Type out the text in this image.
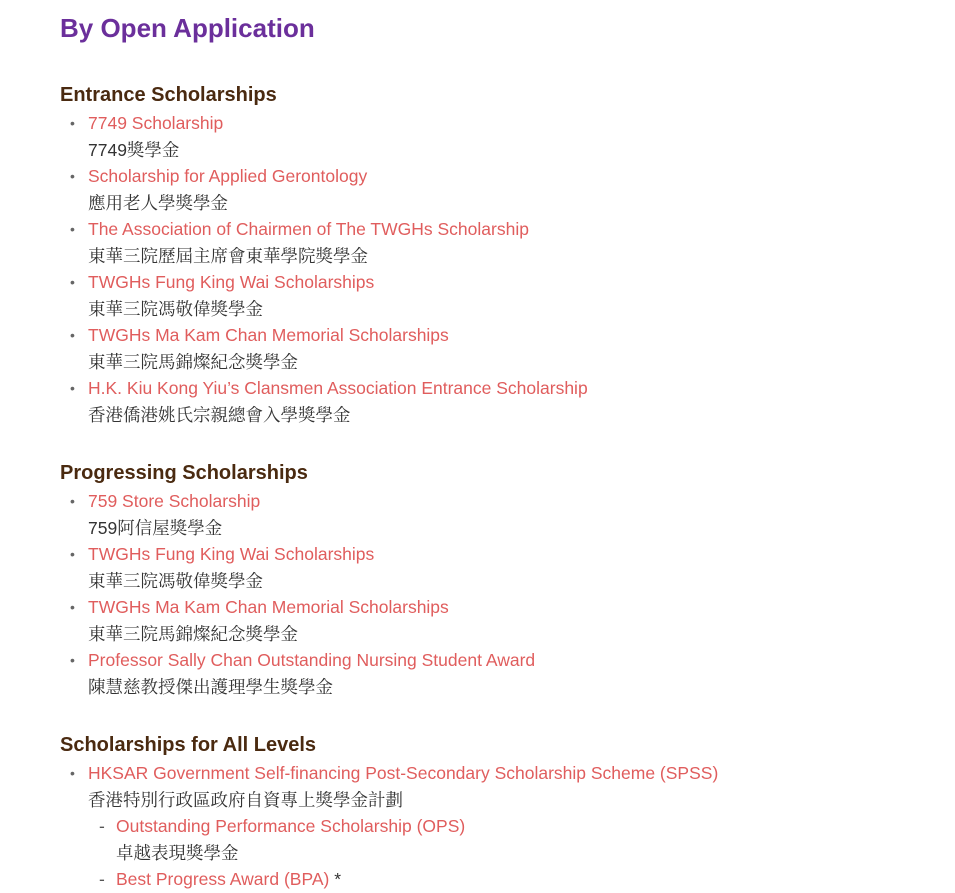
By Open Application
Entrance Scholarships
• 7749 Scholarship
7749獎學金
• Scholarship for Applied Gerontology
應用老人學獎學金
• The Association of Chairmen of The TWGHs Scholarship
東華三院歷屆主席會東華學院獎學金
• TWGHs Fung King Wai Scholarships
東華三院馮敬偉獎學金
• TWGHs Ma Kam Chan Memorial Scholarships
東華三院馬錦燦紀念獎學金
• H.K. Kiu Kong Yiu’s Clansmen Association Entrance Scholarship
香港僑港姚氏宗親總會入學獎學金
Progressing Scholarships
• 759 Store Scholarship
759阿信屋獎學金
• TWGHs Fung King Wai Scholarships
東華三院馮敬偉獎學金
• TWGHs Ma Kam Chan Memorial Scholarships
東華三院馬錦燦紀念獎學金
• Professor Sally Chan Outstanding Nursing Student Award
陳慧慈教授傑出護理學生獎學金
Scholarships for All Levels
• HKSAR Government Self-financing Post-Secondary Scholarship Scheme (SPSS)
香港特別行政區政府自資專上獎學金計劃
- Outstanding Performance Scholarship (OPS)
卓越表現獎學金
- Best Progress Award (BPA) *
